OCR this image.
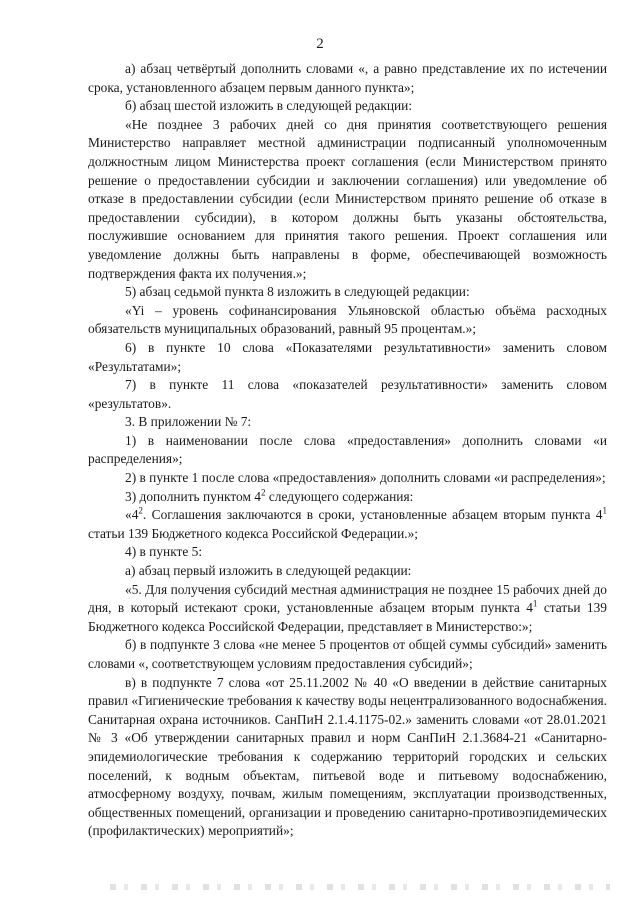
2

а) абзац четвёртый дополнить словами «, а равно представление их по истечении срока, установленного абзацем первым данного пункта»;

б) абзац шестой изложить в следующей редакции:

«Не позднее 3 рабочих дней со дня принятия соответствующего решения Министерство направляет местной администрации подписанный уполномоченным должностным лицом Министерства проект соглашения (если Министерством принято решение о предоставлении субсидии и заключении соглашения) или уведомление об отказе в предоставлении субсидии (если Министерством принято решение об отказе в предоставлении субсидии), в котором должны быть указаны обстоятельства, послужившие основанием для принятия такого решения. Проект соглашения или уведомление должны быть направлены в форме, обеспечивающей возможность подтверждения факта их получения.»;

5) абзац седьмой пункта 8 изложить в следующей редакции:

«Yi – уровень софинансирования Ульяновской областью объёма расходных обязательств муниципальных образований, равный 95 процентам.»;

6) в пункте 10 слова «Показателями результативности» заменить словом «Результатами»;

7) в пункте 11 слова «показателей результативности» заменить словом «результатов».

3. В приложении № 7:

1) в наименовании после слова «предоставления» дополнить словами «и распределения»;

2) в пункте 1 после слова «предоставления» дополнить словами «и распределения»;

3) дополнить пунктом $4^2$ следующего содержания:

«$4^2$. Соглашения заключаются в сроки, установленные абзацем вторым пункта $4^1$ статьи 139 Бюджетного кодекса Российской Федерации.»;

4) в пункте 5:

а) абзац первый изложить в следующей редакции:

«5. Для получения субсидий местная администрация не позднее 15 рабочих дней до дня, в который истекают сроки, установленные абзацем вторым пункта $4^1$ статьи 139 Бюджетного кодекса Российской Федерации, представляет в Министерство:»;

б) в подпункте 3 слова «не менее 5 процентов от общей суммы субсидий» заменить словами «, соответствующем условиям предоставления субсидий»;

в) в подпункте 7 слова «от 25.11.2002 № 40 «О введении в действие санитарных правил «Гигиенические требования к качеству воды нецентрализованного водоснабжения. Санитарная охрана источников. СанПиН 2.1.4.1175-02.» заменить словами «от 28.01.2021 № 3 «Об утверждении санитарных правил и норм СанПиН 2.1.3684-21 «Санитарно-эпидемиологические требования к содержанию территорий городских и сельских поселений, к водным объектам, питьевой воде и питьевому водоснабжению, атмосферному воздуху, почвам, жилым помещениям, эксплуатации производственных, общественных помещений, организации и проведению санитарно-противоэпидемических (профилактических) мероприятий»;
